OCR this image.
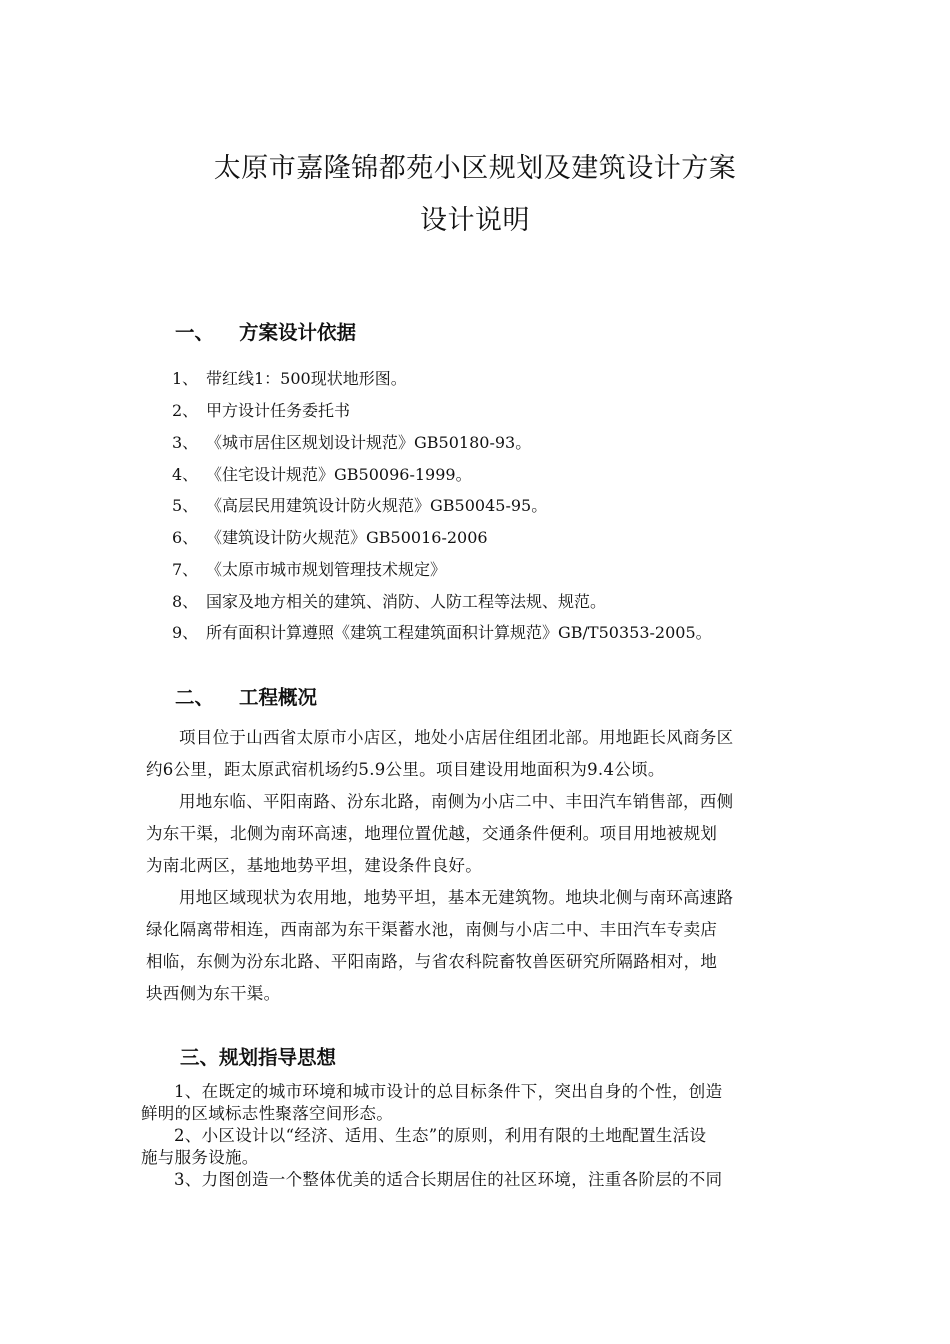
太原市嘉隆锦都苑小区规划及建筑设计方案
设计说明
一、 方案设计依据
1、 带红线1：500现状地形图。
2、 甲方设计任务委托书
3、 《城市居住区规划设计规范》GB50180-93。
4、 《住宅设计规范》GB50096-1999。
5、 《高层民用建筑设计防火规范》GB50045-95。
6、 《建筑设计防火规范》GB50016-2006
7、 《太原市城市规划管理技术规定》
8、 国家及地方相关的建筑、消防、人防工程等法规、规范。
9、 所有面积计算遵照《建筑工程建筑面积计算规范》GB/T50353-2005。
二、 工程概况
项目位于山西省太原市小店区，地处小店居住组团北部。用地距长风商务区
约6公里，距太原武宿机场约5.9公里。项目建设用地面积为9.4公顷。
用地东临、平阳南路、汾东北路，南侧为小店二中、丰田汽车销售部，西侧
为东干渠，北侧为南环高速，地理位置优越，交通条件便利。项目用地被规划
为南北两区，基地地势平坦，建设条件良好。
用地区域现状为农用地，地势平坦，基本无建筑物。地块北侧与南环高速路
绿化隔离带相连，西南部为东干渠蓄水池，南侧与小店二中、丰田汽车专卖店
相临，东侧为汾东北路、平阳南路，与省农科院畜牧兽医研究所隔路相对，地
块西侧为东干渠。
三、规划指导思想
1、在既定的城市环境和城市设计的总目标条件下，突出自身的个性，创造
鲜明的区域标志性聚落空间形态。
2、小区设计以“经济、适用、生态”的原则，利用有限的土地配置生活设
施与服务设施。
3、力图创造一个整体优美的适合长期居住的社区环境，注重各阶层的不同
